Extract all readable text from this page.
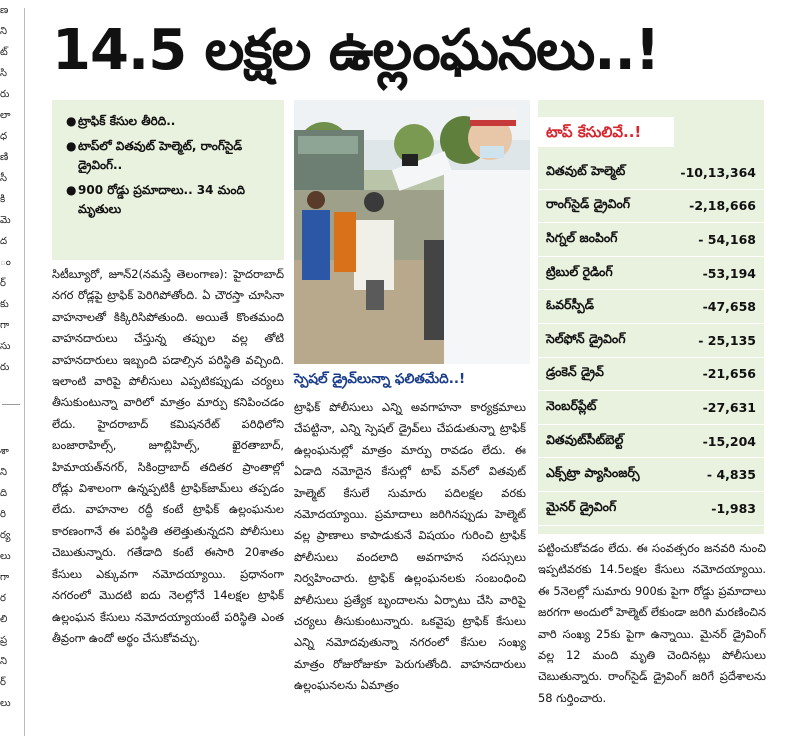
ణ
ని
ట్
సి
రు
లా
ధ
ణి
సీ
కి
మె
ద
ం
ర్
కు
గా
సు
రు
శా
ని
ది
రి
ర్య
లు
గా
ర
లి
ప్ర
ని
ర్
లు
14.5 లక్షల ఉల్లంఘనలు..!
● ట్రాఫిక్ కేసుల తీరిది..
● టాప్‌లో వితవుట్ హెల్మెట్, రాంగ్‌సైడ్ డ్రైవింగ్..
● 900 రోడ్డు ప్రమాదాలు.. 34 మంది మృతులు
సిటీబ్యూరో, జూన్2(నమస్తే తెలంగాణ): హైదరాబాద్ నగర రోడ్లపై ట్రాఫిక్ పెరిగిపోతోంది. ఏ చౌరస్తా చూసినా వాహనాలతో కిక్కిరిసిపోతుంది. అయితే కొంతమంది వాహనదారులు చేస్తున్న తప్పుల వల్ల తోటి వాహనదారులు ఇబ్బంది పడాల్సిన పరిస్థితి వచ్చింది. ఇలాంటి వారిపై పోలీసులు ఎప్పటికప్పుడు చర్యలు తీసుకుంటున్నా వారిలో మాత్రం మార్పు కనిపించడం లేదు. హైదరాబాద్ కమిషనరేట్ పరిధిలోని బంజారాహిల్స్, జూబ్లిహిల్స్, ఖైరతాబాద్, హిమాయత్‌నగర్, సికింద్రాబాద్ తదితర ప్రాంతాల్లో రోడ్లు విశాలంగా ఉన్నప్పటికీ ట్రాఫిక్‌జామ్‌లు తప్పడం లేదు. వాహనాల రద్దీ కంటే ట్రాఫిక్ ఉల్లంఘనుల కారణంగానే ఈ పరిస్థితి తలెత్తుతున్నదని పోలీసులు చెబుతున్నారు. గతేడాది కంటే ఈసారి 20శాతం కేసులు ఎక్కువగా నమోదయ్యాయి. ప్రధానంగా నగరంలో మొదటి ఐదు నెలల్లోనే 14లక్షల ట్రాఫిక్ ఉల్లంఘన కేసులు నమోదయ్యాయంటే పరిస్థితి ఎంత తీవ్రంగా ఉందో అర్థం చేసుకోవచ్చు.
స్పెషల్ డ్రైవ్‌లున్నా ఫలితమేది..!
ట్రాఫిక్ పోలీసులు ఎన్ని అవగాహనా కార్యక్రమాలు చేపట్టినా, ఎన్ని స్పెషల్ డ్రైవ్‌లు చేపడుతున్నా ట్రాఫిక్ ఉల్లంఘనుల్లో మాత్రం మార్పు రావడం లేదు. ఈ ఏడాది నమోదైన కేసుల్లో టాప్ వన్‌లో వితవుట్ హెల్మెట్ కేసులే సుమారు పదిలక్షల వరకు నమోదయ్యాయి. ప్రమాదాలు జరిగినప్పుడు హెల్మెట్ వల్ల ప్రాణాలు కాపాడుకునే విషయం గురించి ట్రాఫిక్ పోలీసులు వందలాది అవగాహన సదస్సులు నిర్వహించారు. ట్రాఫిక్ ఉల్లంఘనలకు సంబంధించి పోలీసులు ప్రత్యేక బృందాలను ఏర్పాటు చేసి వారిపై చర్యలు తీసుకుంటున్నారు. ఒకవైపు ట్రాఫిక్ కేసులు ఎన్ని నమోదవుతున్నా నగరంలో కేసుల సంఖ్య మాత్రం రోజురోజుకూ పెరుగుతోంది. వాహనదారులు ఉల్లంఘనలను ఏమాత్రం
టాప్ కేసులివే..!
వితవుట్ హెల్మెట్	-10,13,364
రాంగ్‌సైడ్ డ్రైవింగ్	-2,18,666
సిగ్నల్ జంపింగ్	- 54,168
ట్రిబుల్ రైడింగ్	-53,194
ఓవర్‌స్పీడ్	-47,658
సెల్‌ఫోన్ డ్రైవింగ్	- 25,135
డ్రంకెన్ డ్రైవ్	-21,656
నెంబర్‌ప్లేట్	-27,631
వితవుట్‌సీట్‌బెల్ట్	-15,204
ఎక్స్‌ట్రా ప్యాసింజర్స్	- 4,835
మైనర్ డ్రైవింగ్	-1,983
పట్టించుకోవడం లేదు. ఈ సంవత్సరం జనవరి నుంచి ఇప్పటివరకు 14.5లక్షల కేసులు నమోదయ్యాయి. ఈ 5నెలల్లో సుమారు 900కు పైగా రోడ్డు ప్రమాదాలు జరగగా అందులో హెల్మెట్ లేకుండా జరిగి మరణించిన వారి సంఖ్య 25కు పైగా ఉన్నాయి. మైనర్ డ్రైవింగ్ వల్ల 12 మంది మృతి చెందినట్లు పోలీసులు చెబుతున్నారు. రాంగ్‌సైడ్ డ్రైవింగ్ జరిగే ప్రదేశాలను 58 గుర్తించారు.
